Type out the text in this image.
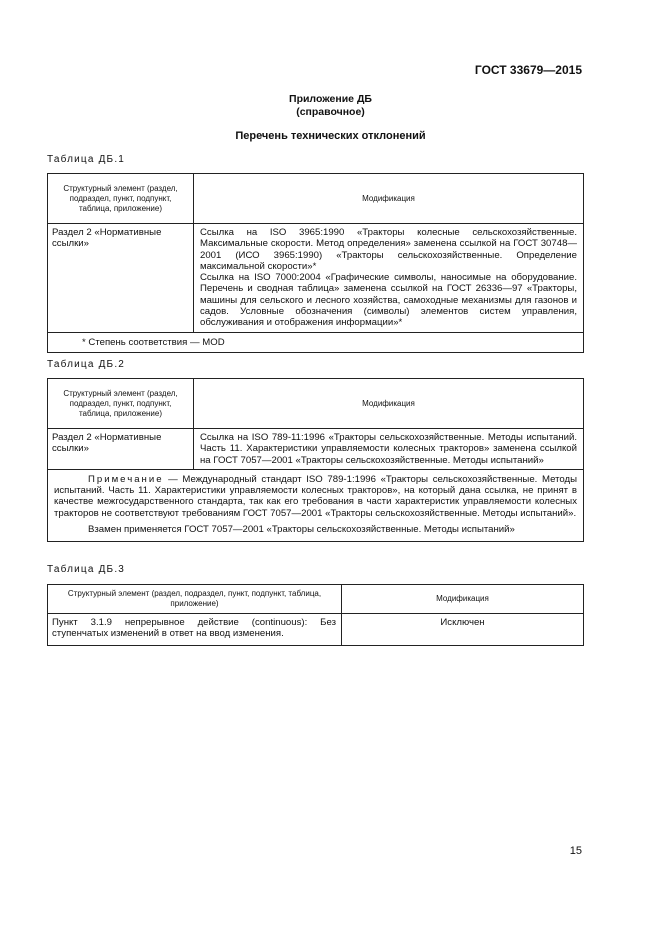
ГОСТ 33679—2015
Приложение ДБ
(справочное)
Перечень технических отклонений
Таблица ДБ.1
Структурный элемент (раздел, подраздел, пункт, подпункт, таблица, приложение)	Модификация
Раздел 2 «Нормативные ссылки»	Ссылка на ISO 3965:1990 «Тракторы колесные сельскохозяйственные. Максимальные скорости. Метод определения» заменена ссылкой на ГОСТ 30748—2001 (ИСО 3965:1990) «Тракторы сельскохозяйственные. Определение максимальной скорости»*
Ссылка на ISO 7000:2004 «Графические символы, наносимые на оборудование. Перечень и сводная таблица» заменена ссылкой на ГОСТ 26336—97 «Тракторы, машины для сельского и лесного хозяйства, самоходные механизмы для газонов и садов. Условные обозначения (символы) элементов систем управления, обслуживания и отображения информации»*

* Степень соответствия — MOD	
Таблица ДБ.2
Структурный элемент (раздел, подраздел, пункт, подпункт, таблица, приложение)	Модификация
Раздел 2 «Нормативные ссылки»	Ссылка на ISO 789-11:1996 «Тракторы сельскохозяйственные. Методы испытаний. Часть 11. Характеристики управляемости колесных тракторов» заменена ссылкой на ГОСТ 7057—2001 «Тракторы сельскохозяйственные. Методы испытаний»

Примечание — Международный стандарт ISO 789-1:1996 «Тракторы сельскохозяйственные. Методы испытаний. Часть 11. Характеристики управляемости колесных тракторов», на который дана ссылка, не принят в качестве межгосударственного стандарта, так как его требования в части характеристик управляемости колесных тракторов не соответствуют требованиям ГОСТ 7057—2001 «Тракторы сельскохозяйственные. Методы испытаний».
Взамен применяется ГОСТ 7057—2001 «Тракторы сельскохозяйственные. Методы испытаний»	
Таблица ДБ.3
Структурный элемент (раздел, подраздел, пункт, подпункт, таблица, приложение)	Модификация
Пункт 3.1.9 непрерывное действие (continuous): Без ступенчатых изменений в ответ на ввод изменения.	Исключен
15
